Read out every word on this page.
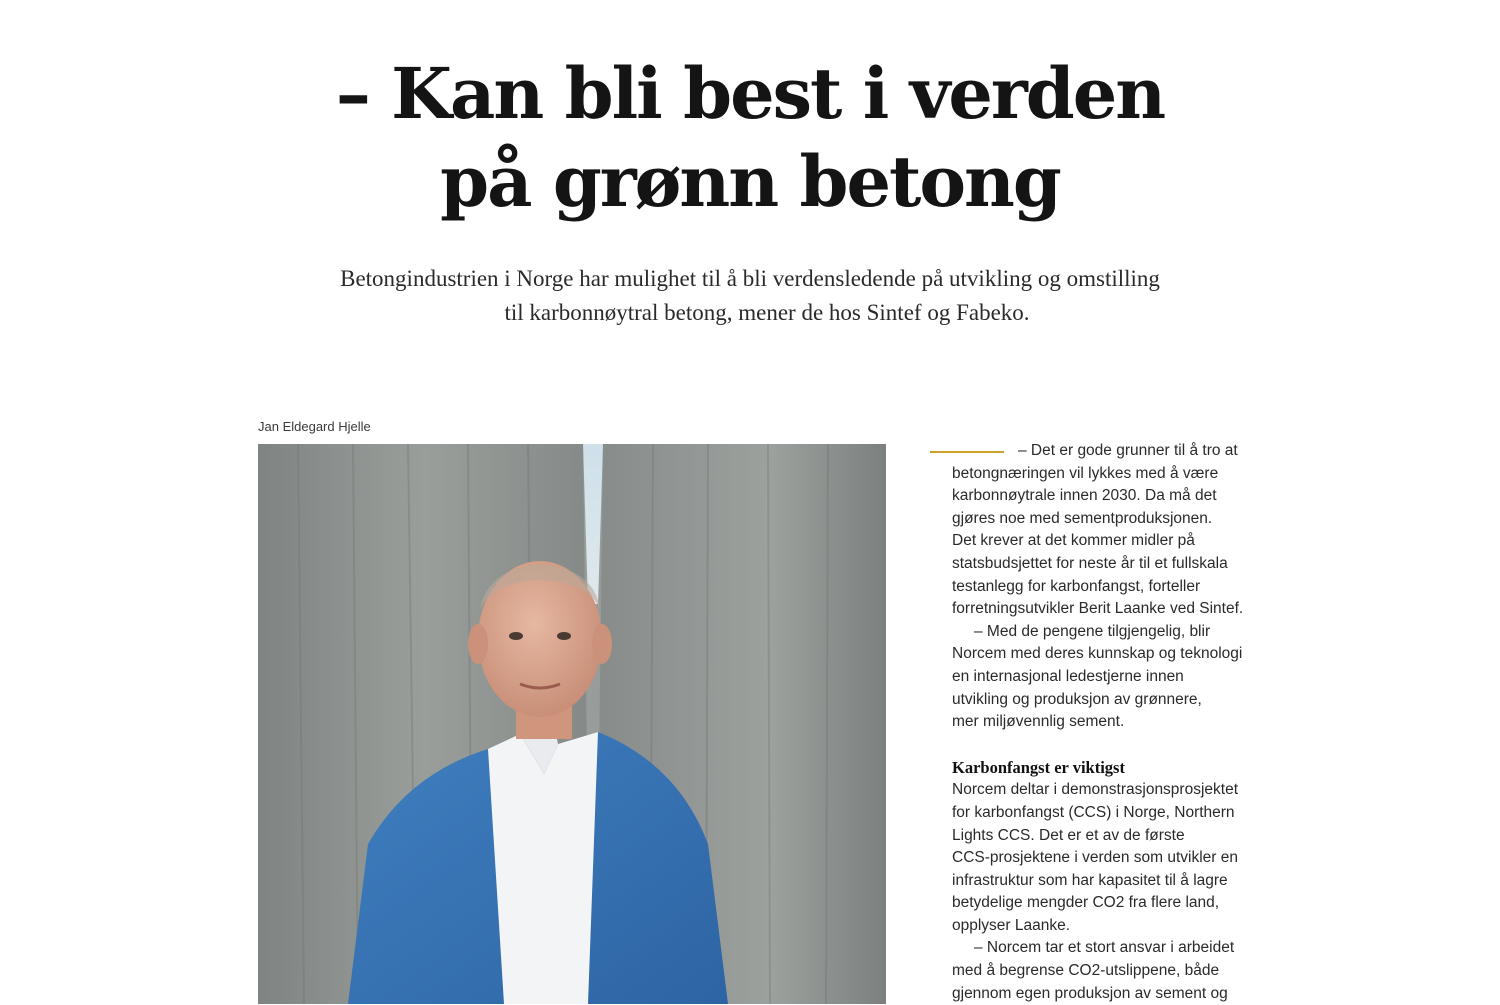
– Kan bli best i verden
på grønn betong

Betongindustrien i Norge har mulighet til å bli verdensledende på utvikling og omstilling
til karbonnøytral betong, mener de hos Sintef og Fabeko.

Jan Eldegard Hjelle

– Det er gode grunner til å tro at
betongnæringen vil lykkes med å være
karbonnøytrale innen 2030. Da må det
gjøres noe med sementproduksjonen.
Det krever at det kommer midler på
statsbudsjettet for neste år til et fullskala
testanlegg for karbonfangst, forteller
forretningsutvikler Berit Laanke ved Sintef.

– Med de pengene tilgjengelig, blir
Norcem med deres kunnskap og teknologi
en internasjonal ledestjerne innen
utvikling og produksjon av grønnere,
mer miljøvennlig sement.

Karbonfangst er viktigst

Norcem deltar i demonstrasjonsprosjektet
for karbonfangst (CCS) i Norge, Northern
Lights CCS. Det er et av de første
CCS-prosjektene i verden som utvikler en
infrastruktur som har kapasitet til å lagre
betydelige mengder CO2 fra flere land,
opplyser Laanke.

– Norcem tar et stort ansvar i arbeidet
med å begrense CO2-utslippene, både
gjennom egen produksjon av sement og
